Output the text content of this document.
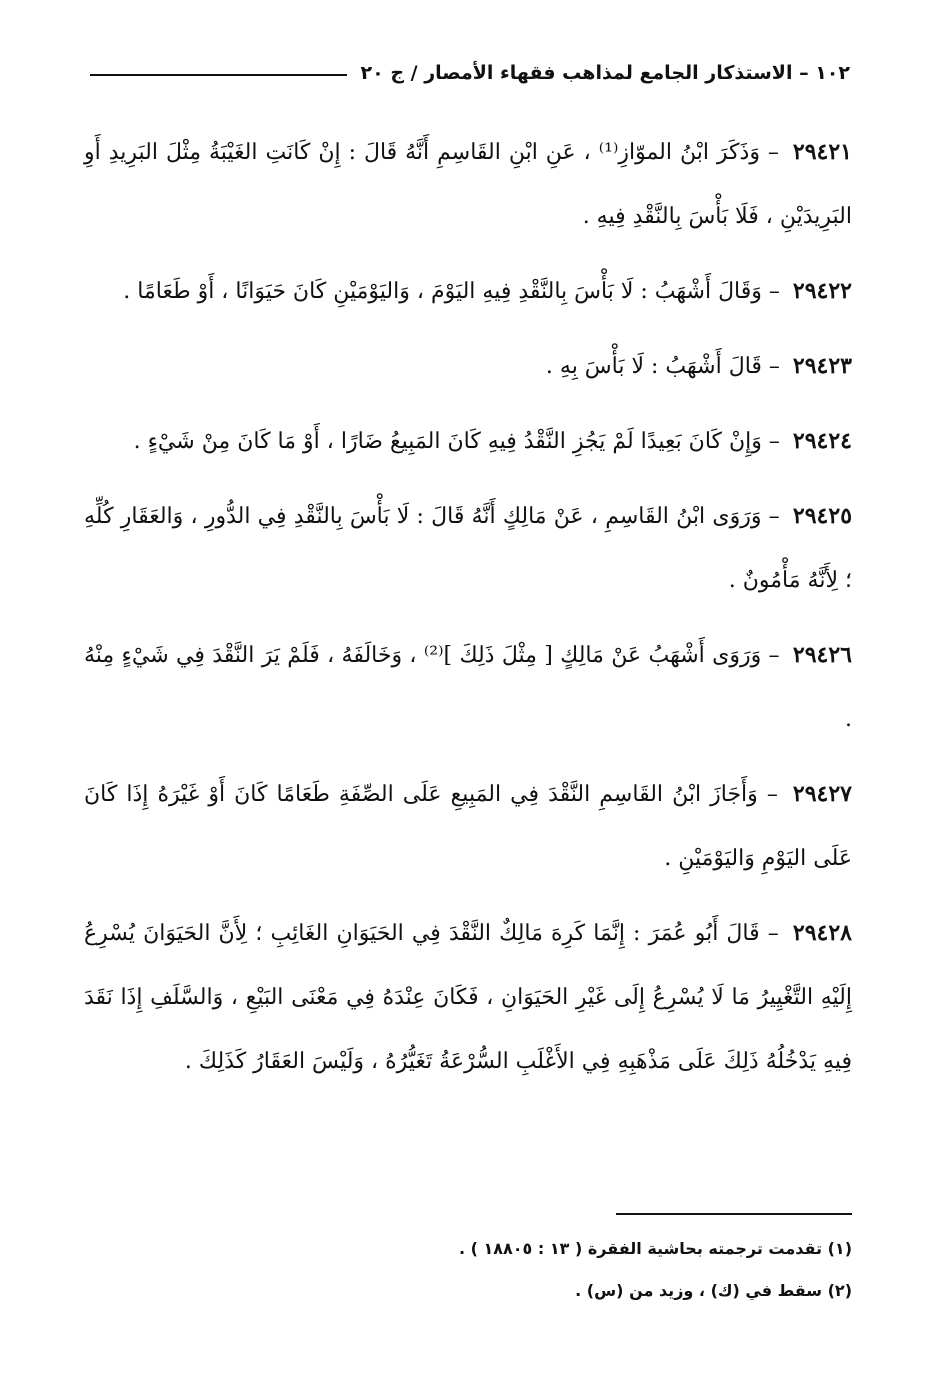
١٠٢ – الاستذكار الجامع لمذاهب فقهاء الأمصار / ج ٢٠

٢٩٤٢١ – وَذَكَرَ ابْنُ الموّازِ⁽¹⁾ ، عَنِ ابْنِ القَاسِمِ أَنَّهُ قَالَ : إِنْ كَانَتِ الغَيْبَةُ مِثْلَ البَرِيدِ أَوِ البَرِيدَيْنِ ، فَلَا بَأْسَ بِالنَّقْدِ فِيهِ .

٢٩٤٢٢ – وَقَالَ أَشْهَبُ : لَا بَأْسَ بِالنَّقْدِ فِيهِ اليَوْمَ ، وَاليَوْمَيْنِ كَانَ حَيَوَانًا ، أَوْ طَعَامًا .

٢٩٤٢٣ – قَالَ أَشْهَبُ : لَا بَأْسَ بِهِ .

٢٩٤٢٤ – وَإِنْ كَانَ بَعِيدًا لَمْ يَجُزِ النَّقْدُ فِيهِ كَانَ المَبِيعُ ضَارًا ، أَوْ مَا كَانَ مِنْ شَيْءٍ .

٢٩٤٢٥ – وَرَوَى ابْنُ القَاسِمِ ، عَنْ مَالِكٍ أَنَّهُ قَالَ : لَا بَأْسَ بِالنَّقْدِ فِي الدُّورِ ، وَالعَقَارِ كُلِّهِ ؛ لِأَنَّهُ مَأْمُونٌ .

٢٩٤٢٦ – وَرَوَى أَشْهَبُ عَنْ مَالِكٍ [ مِثْلَ ذَلِكَ ]⁽²⁾ ، وَخَالَفَهُ ، فَلَمْ يَرَ النَّقْدَ فِي شَيْءٍ مِنْهُ .

٢٩٤٢٧ – وَأَجَازَ ابْنُ القَاسِمِ النَّقْدَ فِي المَبِيعِ عَلَى الصِّفَةِ طَعَامًا كَانَ أَوْ غَيْرَهُ إِذَا كَانَ عَلَى اليَوْمِ وَاليَوْمَيْنِ .

٢٩٤٢٨ – قَالَ أَبُو عُمَرَ : إِنَّمَا كَرِهَ مَالِكٌ النَّقْدَ فِي الحَيَوَانِ الغَائِبِ ؛ لِأَنَّ الحَيَوَانَ يُسْرِعُ إِلَيْهِ التَّغْيِيرُ مَا لَا يُسْرِعُ إِلَى غَيْرِ الحَيَوَانِ ، فَكَانَ عِنْدَهُ فِي مَعْنَى البَيْعِ ، وَالسَّلَفِ إِذَا نَقَدَ فِيهِ يَدْخُلُهُ ذَلِكَ عَلَى مَذْهَبِهِ فِي الأَغْلَبِ السُّرْعَةُ تَغَيُّرُهُ ، وَلَيْسَ العَقَارُ كَذَلِكَ .

(١) تقدمت ترجمته بحاشية الفقرة ( ١٣ : ١٨٨٠٥ ) .

(٢) سقط في (ك) ، وزيد من (س) .
